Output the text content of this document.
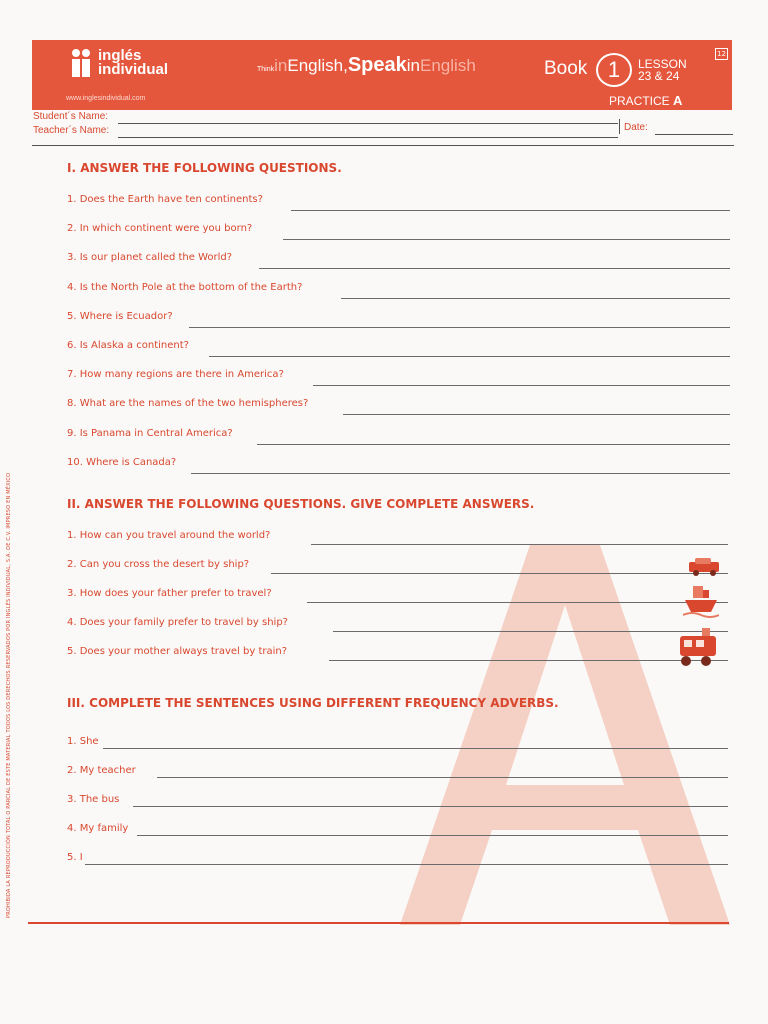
inglés
individual
www.inglesindividual.com
ThinkinEnglish,SpeakinEnglish	Book 1	LESSON
23 & 24
PRACTICE A
12
Student´s Name:
Teacher´s Name:	Date:
I. ANSWER THE FOLLOWING QUESTIONS.
1. Does the Earth have ten continents?
2. In which continent were you born?
3. Is our planet called the World?
4. Is the North Pole at the bottom of the Earth?
5. Where is Ecuador?
6. Is Alaska a continent?
7. How many regions are there in America?
8. What are the names of the two hemispheres?
9. Is Panama in Central America?
10. Where is Canada?
II. ANSWER THE FOLLOWING QUESTIONS. GIVE COMPLETE ANSWERS.
1. How can you travel around the world?
2. Can you cross the desert by ship?
3. How does your father prefer to travel?
4. Does your family prefer to travel by ship?
5. Does your mother always travel by train?
III. COMPLETE THE SENTENCES USING DIFFERENT FREQUENCY ADVERBS.
1. She
2. My teacher
3. The bus
4. My family
5. I
PROHIBIDA LA REPRODUCCIÓN TOTAL O PARCIAL DE ESTE MATERIAL TODOS LOS DERECHOS RESERVADOS POR INGLÉS INDIVIDUAL, S.A. DE C.V. IMPRESO EN MÉXICO
